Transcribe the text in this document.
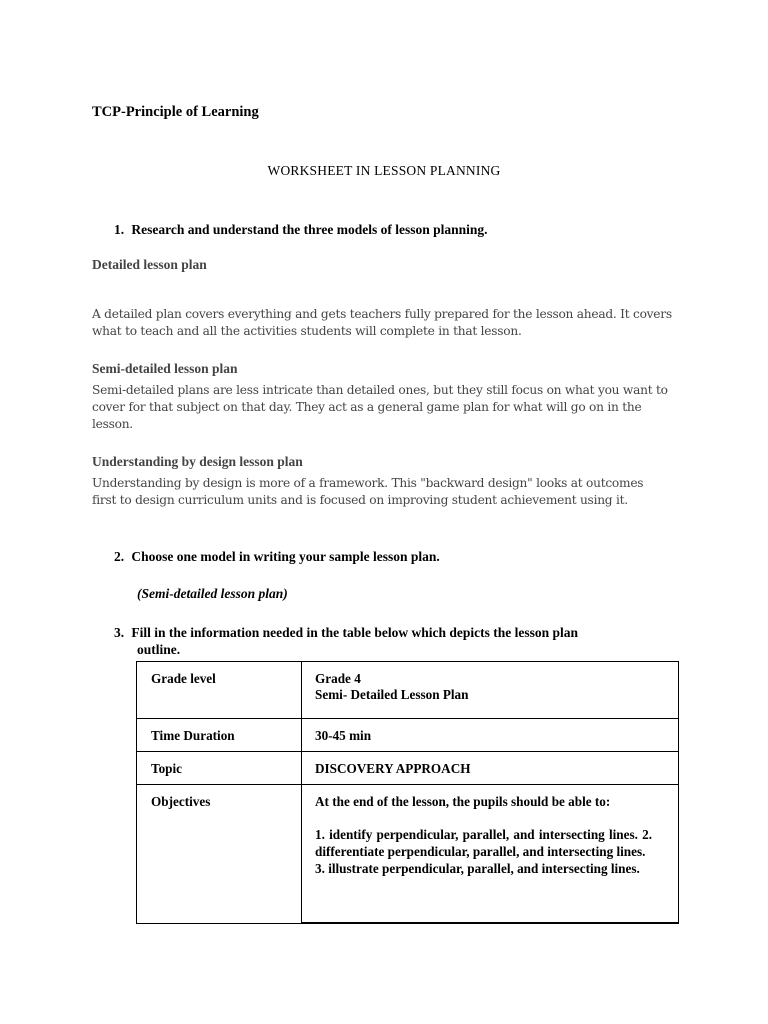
TCP-Principle of Learning
WORKSHEET IN LESSON PLANNING
1. Research and understand the three models of lesson planning.
Detailed lesson plan
A detailed plan covers everything and gets teachers fully prepared for the lesson ahead. It covers
what to teach and all the activities students will complete in that lesson.
Semi-detailed lesson plan
Semi-detailed plans are less intricate than detailed ones, but they still focus on what you want to
cover for that subject on that day. They act as a general game plan for what will go on in the
lesson.
Understanding by design lesson plan
Understanding by design is more of a framework. This "backward design" looks at outcomes
first to design curriculum units and is focused on improving student achievement using it.
2. Choose one model in writing your sample lesson plan.
(Semi-detailed lesson plan)
3. Fill in the information needed in the table below which depicts the lesson plan
outline.
Grade level	Grade 4
Semi- Detailed Lesson Plan

Time Duration	30-45 min
Topic	DISCOVERY APPROACH
Objectives	At the end of the lesson, the pupils should be able to:
1. identify perpendicular, parallel, and intersecting lines. 2. differentiate perpendicular, parallel, and intersecting lines.
3. illustrate perpendicular, parallel, and intersecting lines.
